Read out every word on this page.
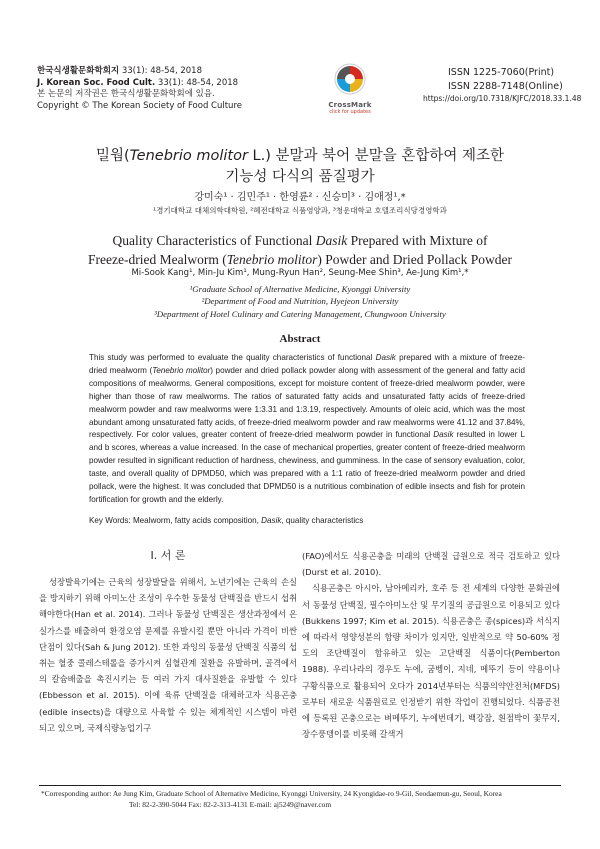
한국식생활문화학회지 33(1): 48-54, 2018
J. Korean Soc. Food Cult. 33(1): 48-54, 2018
본 논문의 저작권은 한국식생활문화학회에 있음.
Copyright © The Korean Society of Food Culture	CrossMark
click for updates
ISSN 1225-7060(Print)
ISSN 2288-7148(Online)
https://doi.org/10.7318/KJFC/2018.33.1.48
밀웜(Tenebrio molitor L.) 분말과 북어 분말을 혼합하여 제조한
기능성 다식의 품질평가
강미숙¹ · 김민주¹ · 한영륜² · 신승미³ · 김애정¹,*
¹경기대학교 대체의학대학원, ²혜전대학교 식품영양과, ³청운대학교 호텔조리식당경영학과
Quality Characteristics of Functional Dasik Prepared with Mixture of
Freeze-dried Mealworm (Tenebrio molitor) Powder and Dried Pollack Powder
Mi-Sook Kang¹, Min-Ju Kim¹, Mung-Ryun Han², Seung-Mee Shin³, Ae-Jung Kim¹,*
¹Graduate School of Alternative Medicine, Kyonggi University
²Department of Food and Nutrition, Hyejeon University
³Department of Hotel Culinary and Catering Management, Chungwoon University
Abstract
This study was performed to evaluate the quality characteristics of functional Dasik prepared with a mixture of freeze-dried mealworm (Tenebrio molitor) powder and dried pollack powder along with assessment of the general and fatty acid compositions of mealworms. General compositions, except for moisture content of freeze-dried mealworm powder, were higher than those of raw mealworms. The ratios of saturated fatty acids and unsaturated fatty acids of freeze-dried mealworm powder and raw mealworms were 1:3.31 and 1:3.19, respectively. Amounts of oleic acid, which was the most abundant among unsaturated fatty acids, of freeze-dried mealworm powder and raw mealworms were 41.12 and 37.84%, respectively. For color values, greater content of freeze-dried mealworm powder in functional Dasik resulted in lower L and b scores, whereas a value increased. In the case of mechanical properties, greater content of freeze-dried mealworm powder resulted in significant reduction of hardness, chewiness, and gumminess. In the case of sensory evaluation, color, taste, and overall quality of DPMD50, which was prepared with a 1:1 ratio of freeze-dried mealworm powder and dried pollack, were the highest. It was concluded that DPMD50 is a nutritious combination of edible insects and fish for protein fortification for growth and the elderly.
Key Words: Mealworm, fatty acids composition, Dasik, quality characteristics
Ⅰ. 서 론
성장발육기에는 근육의 성장발달을 위해서, 노년기에는 근육의 손실을 방지하기 위해 아미노산 조성이 우수한 동물성 단백질을 반드시 섭취해야한다(Han et al. 2014). 그러나 동물성 단백질은 생산과정에서 온실가스를 배출하여 환경오염 문제를 유발시킬 뿐만 아니라 가격이 비싼 단점이 있다(Sah & Jung 2012). 또한 과잉의 동물성 단백질 식품의 섭취는 혈중 콜레스테롤을 증가시켜 심혈관계 질환을 유발하며, 골격에서의 칼슘배출을 촉진시키는 등 여러 가지 대사질환을 유발할 수 있다(Ebbesson et al. 2015). 이에 육류 단백질을 대체하고자 식용곤충(edible insects)을 대량으로 사육할 수 있는 체계적인 시스템이 마련되고 있으며, 국제식량농업기구
(FAO)에서도 식용곤충을 미래의 단백질 급원으로 적극 검토하고 있다(Durst et al. 2010).
식용곤충은 아시아, 남아메리카, 호주 등 전 세계의 다양한 문화권에서 동물성 단백질, 필수아미노산 및 무기질의 공급원으로 이용되고 있다(Bukkens 1997; Kim et al. 2015). 식용곤충은 종(spices)과 서식지에 따라서 영양성분의 함량 차이가 있지만, 일반적으로 약 50-60% 정도의 조단백질이 함유하고 있는 고단백질 식품이다(Pemberton 1988). 우리나라의 경우도 누에, 굼벵이, 지네, 메뚜기 등이 약용이나 구황식품으로 활용되어 오다가 2014년부터는 식품의약안전처(MFDS)로부터 새로운 식품원료로 인정받기 위한 작업이 진행되었다. 식품공전에 등록된 곤충으로는 벼메뚜기, 누에번데기, 백강잠, 흰점박이 꽃무지, 장수풍뎅이를 비롯해 갈색거
*Corresponding author: Ae Jung Kim, Graduate School of Alternative Medicine, Kyonggi University, 24 Kyongidae-ro 9-Gil, Seodaemun-gu, Seoul, Korea
Tel: 82-2-390-5044 Fax: 82-2-313-4131 E-mail: aj5249@naver.com
